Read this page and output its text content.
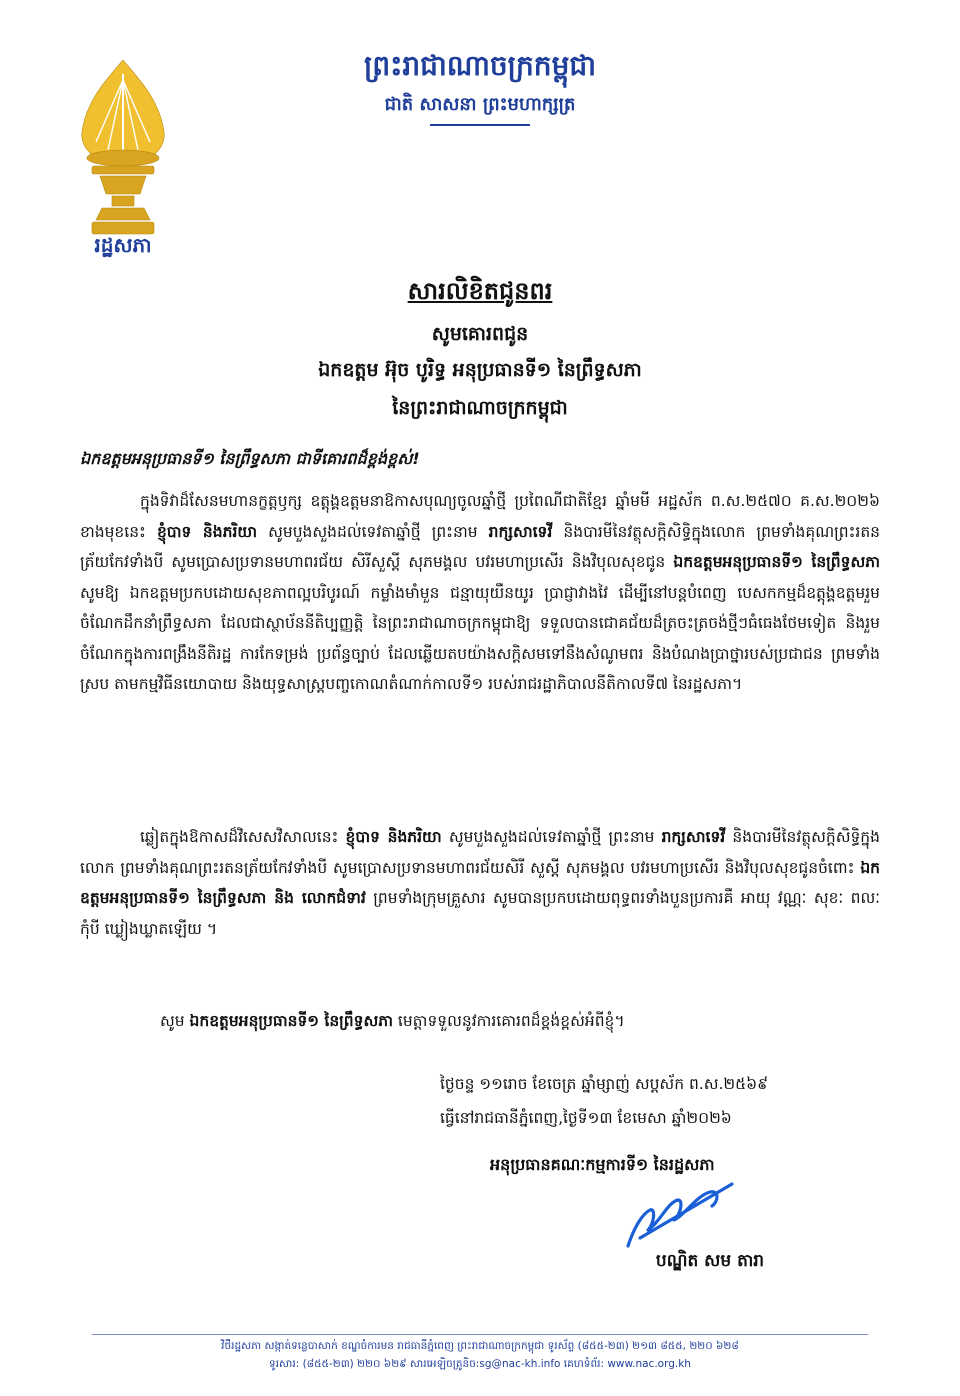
រដ្ឋសភា
ព្រះរាជាណាចក្រកម្ពុជា
ជាតិ សាសនា ព្រះមហាក្សត្រ
សារលិខិតជូនពរ
សូមគោរពជូន
ឯកឧត្តម អ៊ុច បូរិទ្ធ អនុប្រធានទី១ នៃព្រឹទ្ធសភា
នៃព្រះរាជាណាចក្រកម្ពុជា
ឯកឧត្តមអនុប្រធានទី១ នៃព្រឹទ្ធសភា ជាទីគោរពដ៏ខ្ពង់ខ្ពស់!
ក្នុងទិវាដ៏សែនមហានក្ខត្តឫក្ស ឧត្តុង្គឧត្តមនាឱកាសបុណ្យចូលឆ្នាំថ្មី ប្រពៃណីជាតិខ្មែរ ឆ្នាំមមី អដ្ឋស័ក ព.ស.២៥៧០ គ.ស.២០២៦ ខាងមុខនេះ ខ្ញុំបាទ និងភរិយា សូមបួងសួងដល់ទេវតាឆ្នាំថ្មី ព្រះនាម រាក្សសាទេវី និងបារមីនៃវត្ថុសក្តិសិទ្ធិក្នុងលោក ព្រមទាំងគុណព្រះរតនត្រ័យកែវទាំងបី សូមប្រោសប្រទានមហាពរជ័យ សិរីសួស្តី សុភមង្គល បវរមហាប្រសើរ និងវិបុលសុខជូន ឯកឧត្តមអនុប្រធានទី១ នៃព្រឹទ្ធសភា សូមឱ្យ ឯកឧត្តមប្រកបដោយសុខភាពល្អបរិបូរណ៍ កម្លាំងមាំមួន ជន្មាយុយឺនយូរ ប្រាជ្ញាវាងវៃ ដើម្បីនៅបន្តបំពេញ បេសកកម្មដ៏ឧត្តុង្គឧត្តមរួមចំណែកដឹកនាំព្រឹទ្ធសភា ដែលជាស្ថាប័ននីតិប្បញ្ញត្តិ នៃព្រះរាជាណាចក្រកម្ពុជាឱ្យ ទទួលបានជោគជ័យដ៏ត្រចះត្រចង់ថ្មីៗធំធេងថែមទៀត និងរួមចំណែកក្នុងការពង្រឹងនីតិរដ្ឋ ការកែទម្រង់ ប្រព័ន្ធច្បាប់ ដែលឆ្លើយតបយ៉ាងសក្តិសមទៅនឹងសំណូមពរ និងបំណងប្រាថ្នារបស់ប្រជាជន ព្រមទាំងស្រប តាមកម្មវិធីនយោបាយ និងយុទ្ធសាស្ត្របញ្ចកោណតំណាក់កាលទី១ របស់រាជរដ្ឋាភិបាលនីតិកាលទី៧ នៃរដ្ឋសភា។
ឆ្លៀតក្នុងឱកាសដ៏វិសេសវិសាលនេះ ខ្ញុំបាទ និងភរិយា សូមបួងសួងដល់ទេវតាឆ្នាំថ្មី ព្រះនាម រាក្សសាទេវី និងបារមីនៃវត្ថុសក្តិសិទ្ធិក្នុងលោក ព្រមទាំងគុណព្រះរតនត្រ័យកែវទាំងបី សូមប្រោសប្រទានមហាពរជ័យសិរី សួស្តី សុភមង្គល បវរមហាប្រសើរ និងវិបុលសុខជូនចំពោះ ឯកឧត្តមអនុប្រធានទី១ នៃព្រឹទ្ធសភា និង លោកជំទាវ ព្រមទាំងក្រុមគ្រួសារ សូមបានប្រកបដោយពុទ្ធពរទាំងបួនប្រការគឺ អាយុ វណ្ណៈ សុខៈ ពលៈ កុំបី ឃ្លៀងឃ្លាតឡើយ ។
សូម ឯកឧត្តមអនុប្រធានទី១ នៃព្រឹទ្ធសភា មេត្តាទទួលនូវការគោរពដ៏ខ្ពង់ខ្ពស់អំពីខ្ញុំ។
ថ្ងៃចន្ទ ១១រោច ខែចេត្រ ឆ្នាំម្សាញ់ សប្តស័ក ព.ស.២៥៦៩
ធ្វើនៅរាជធានីភ្នំពេញ,ថ្ងៃទី១៣ ខែមេសា ឆ្នាំ២០២៦
អនុប្រធានគណៈកម្មការទី១ នៃរដ្ឋសភា
បណ្ឌិត សម តារា
វិថីរដ្ឋសភា សង្កាត់ទន្លេបាសាក់ ខណ្ឌចំការមន រាជធានីភ្នំពេញ ព្រះរាជាណាចក្រកម្ពុជា ទូរស័ព្ទ (៨៥៥-២៣) ២១៣ ៨៥៥, ២២០ ៦២៨
ទូរសារ: (៨៥៥-២៣) ២២០ ៦២៩ សារអេឡិចត្រូនិច:sg@nac-kh.info គេហទំព័រ: www.nac.org.kh
